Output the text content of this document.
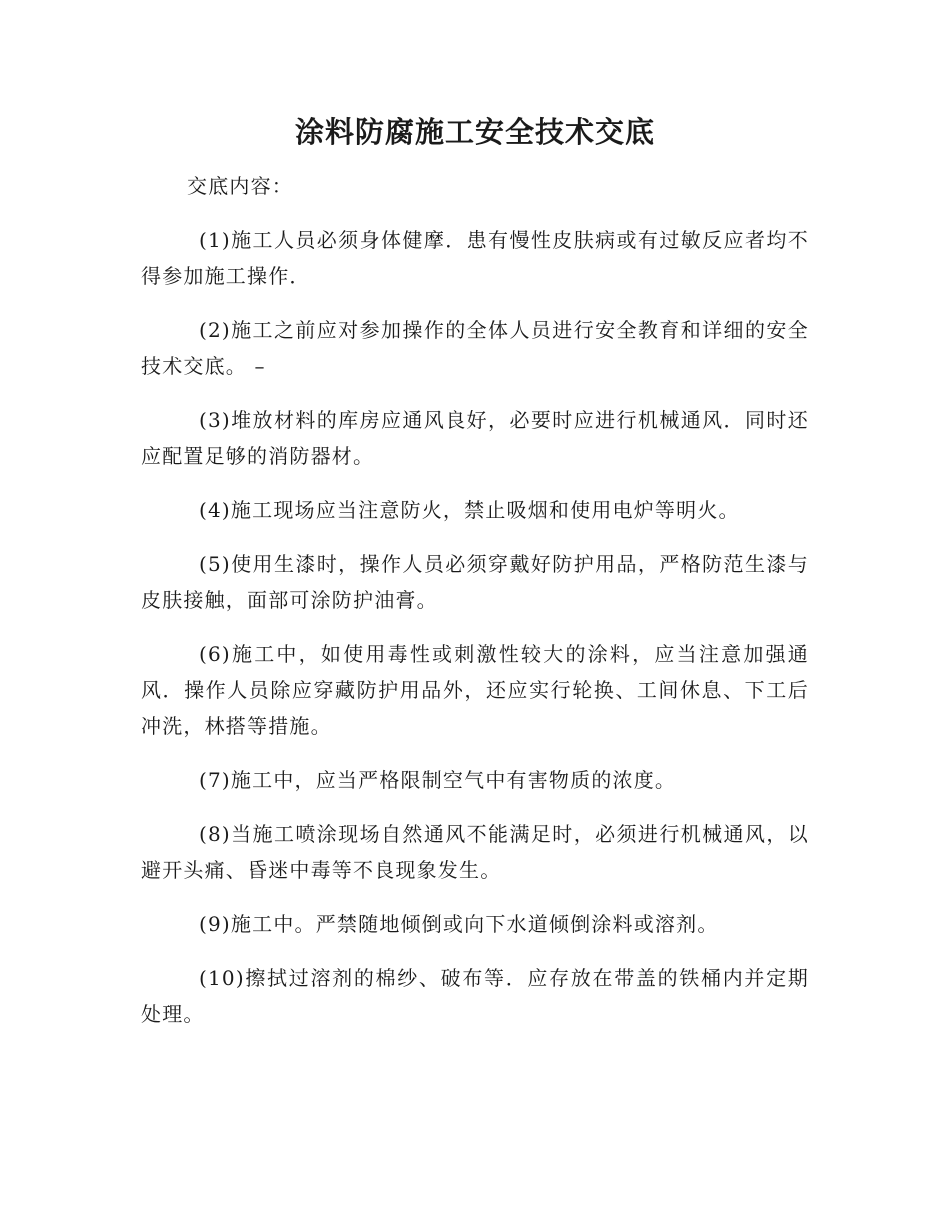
涂料防腐施工安全技术交底

交底内容：

(1)施工人员必须身体健摩．患有慢性皮肤病或有过敏反应者均不得参加施工操作．

(2)施工之前应对参加操作的全体人员进行安全教育和详细的安全技术交底。 –

(3)堆放材料的库房应通风良好，必要时应进行机械通风．同时还应配置足够的消防器材。

(4)施工现场应当注意防火，禁止吸烟和使用电炉等明火。

(5)使用生漆时，操作人员必须穿戴好防护用品，严格防范生漆与皮肤接触，面部可涂防护油膏。

(6)施工中，如使用毒性或刺激性较大的涂料，应当注意加强通风．操作人员除应穿藏防护用品外，还应实行轮换、工间休息、下工后冲洗，林搭等措施。

(7)施工中，应当严格限制空气中有害物质的浓度。

(8)当施工喷涂现场自然通风不能满足时，必须进行机械通风，以避开头痛、昏迷中毒等不良现象发生。

(9)施工中。严禁随地倾倒或向下水道倾倒涂料或溶剂。

(10)擦拭过溶剂的棉纱、破布等．应存放在带盖的铁桶内并定期处理。
